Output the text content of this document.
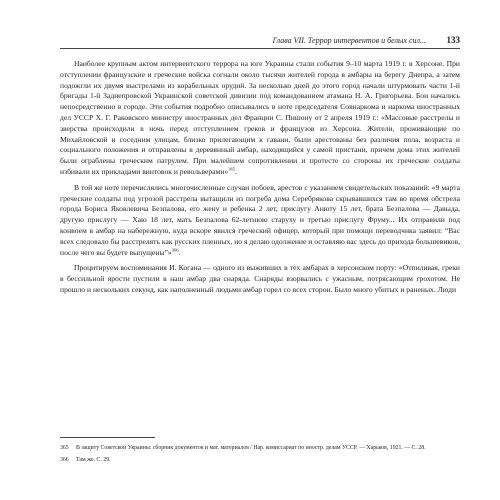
Глава VII. Террор интервентов и белых сил... 133

Наиболее крупным актом интервентского террора на юге Украины стали события 9–10 марта 1919 г. в Херсоне. При отступлении французские и греческие войска согнали около тысячи жителей города в амбары на берегу Днепра, а затем подожгли их двумя выстрелами из корабельных орудий. За несколько дней до этого город начали штурмовать части 1-й бригады 1-й Заднепровской Украинской советской дивизии под командованием атамана Н. А. Григорьева. Бои начались непосредственно в городе. Эти события подробно описывались в ноте председателя Совнаркома и наркома иностранных дел УССР Х. Г. Раковского министру иностранных дел Франции С. Пишону от 2 апреля 1919 г.: «Массовые расстрелы и зверства происходили в ночь перед отступлением греков и французов из Херсона. Жители, проживающие по Михайловской и соседним улицам, близко прилегающим к гавани, были арестованы без различия пола, возраста и социального положения и отправлены в деревянный амбар, находящийся у самой пристани, причем дома этих жителей были ограблены греческим патрулем. При малейшем сопротивлении и протесте со стороны их греческие солдаты избивали их прикладами винтовок и револьверами»$^{365}$.

В той же ноте перечислялись многочисленные случаи побоев, арестов с указанием свидетельских показаний: «9 марта греческие солдаты под угрозой расстрела вытащили из погреба дома Серебрякова скрывавшихся там во время обстрела города Бориса Яковлевича Безпалова, его жену и ребенка 2 лет, прислугу Анюту 15 лет, брата Безпалова — Давыда, другую прислугу — Хаю 18 лет, мать Безпалова 62-летнюю старуху и третью прислугу Фруму... Их отправили под конвоем в амбар на набережную, куда вскоре явился греческий офицер, который при помощи переводчика заявил: “Вас всех следовало бы расстрелять как русских пленных, но я делаю одолжение и оставляю вас здесь до прихода большевиков, после чего вы будете выпущены”»$^{366}$.

Процитируем воспоминания И. Когана — одного из выживших в тех амбарах в херсонском порту: «Отпиливая, греки в бессильной ярости пустили в наш амбар два снаряда. Снаряды взорвались с ужасным, потрясающим грохотом. Не прошло и нескольких секунд, как наполненный людьми амбар горел со всех сторон. Было много убитых и раненых. Люди

365 В защиту Советской Украины: сборник документов и мат. материалов / Нар. комиссариат по иностр. делам УССР. — Харьков, 1921. — С. 28.

366 Там же. С. 29.
